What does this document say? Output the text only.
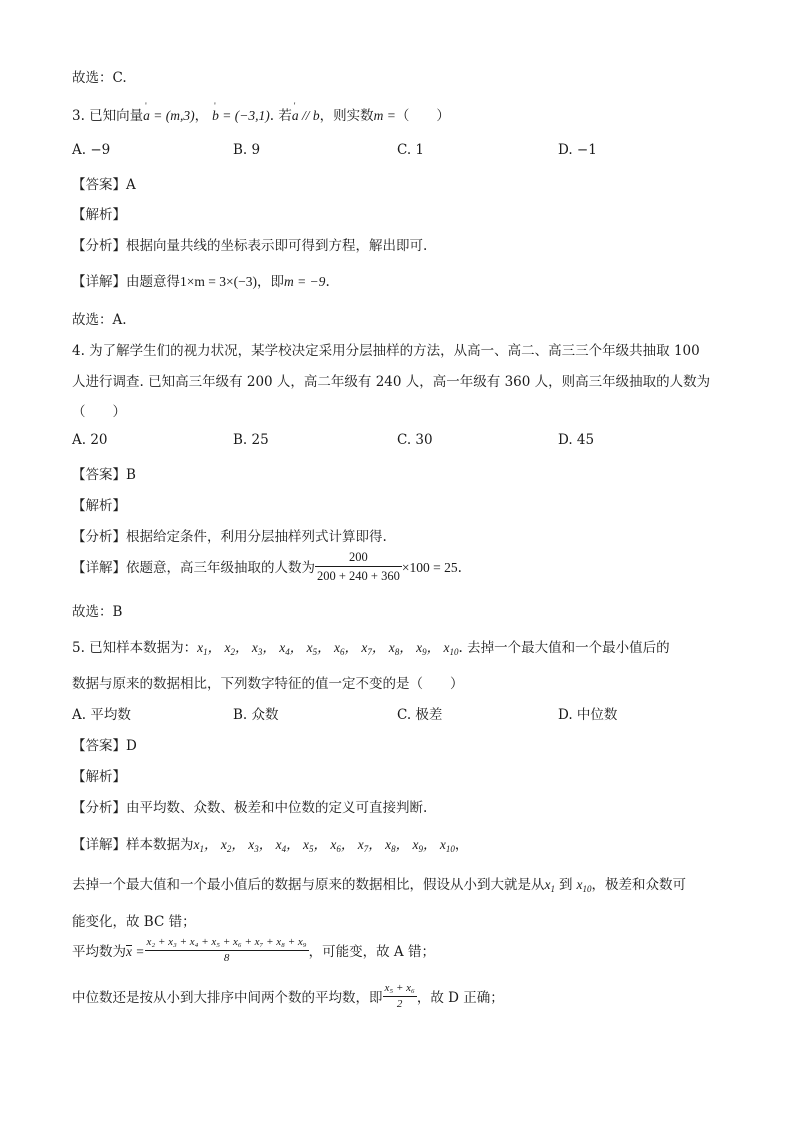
故选：C.
3. 已知向量' a = (m,3)，' b = (−3,1). 若' a // b，则实数m =（　　）
A. −9	B. 9	C. 1	D. −1
【答案】A
【解析】
【分析】根据向量共线的坐标表示即可得到方程，解出即可.
【详解】由题意得1×m = 3×(−3)，即m = −9.
故选：A.
4. 为了解学生们的视力状况，某学校决定采用分层抽样的方法，从高一、高二、高三三个年级共抽取 100
人进行调查. 已知高三年级有 200 人，高二年级有 240 人，高一年级有 360 人，则高三年级抽取的人数为
（　　）
A. 20	B. 25	C. 30	D. 45
【答案】B
【解析】
【分析】根据给定条件，利用分层抽样列式计算即得.
【详解】依题意，高三年级抽取的人数为 $\frac{200}{200 + 240 + 360} \times 100 = 25$.
故选：B
5. 已知样本数据为：$x_1$， $x_2$， $x_3$， $x_4$， $x_5$， $x_6$， $x_7$， $x_8$， $x_9$， $x_{10}$. 去掉一个最大值和一个最小值后的
数据与原来的数据相比，下列数字特征的值一定不变的是（　　）
A. 平均数	B. 众数	C. 极差	D. 中位数
【答案】D
【解析】
【分析】由平均数、众数、极差和中位数的定义可直接判断.
【详解】样本数据为$x_1$， $x_2$， $x_3$， $x_4$， $x_5$， $x_6$， $x_7$， $x_8$， $x_9$， $x_{10}$，
去掉一个最大值和一个最小值后的数据与原来的数据相比，假设从小到大就是从$x_1$ 到 $x_{10}$，极差和众数可
能变化，故 BC 错；
平均数为$x = \frac{\text{x₂ + x₃ + x₄ + x₅ + x₆ + x₇ + x₈ + x₉}}{8}$ ，可能变，故 A 错；
中位数还是按从小到大排序中间两个数的平均数，即 $\frac{\text{x₅ + x₆}}{2}$ ，故 D 正确；
